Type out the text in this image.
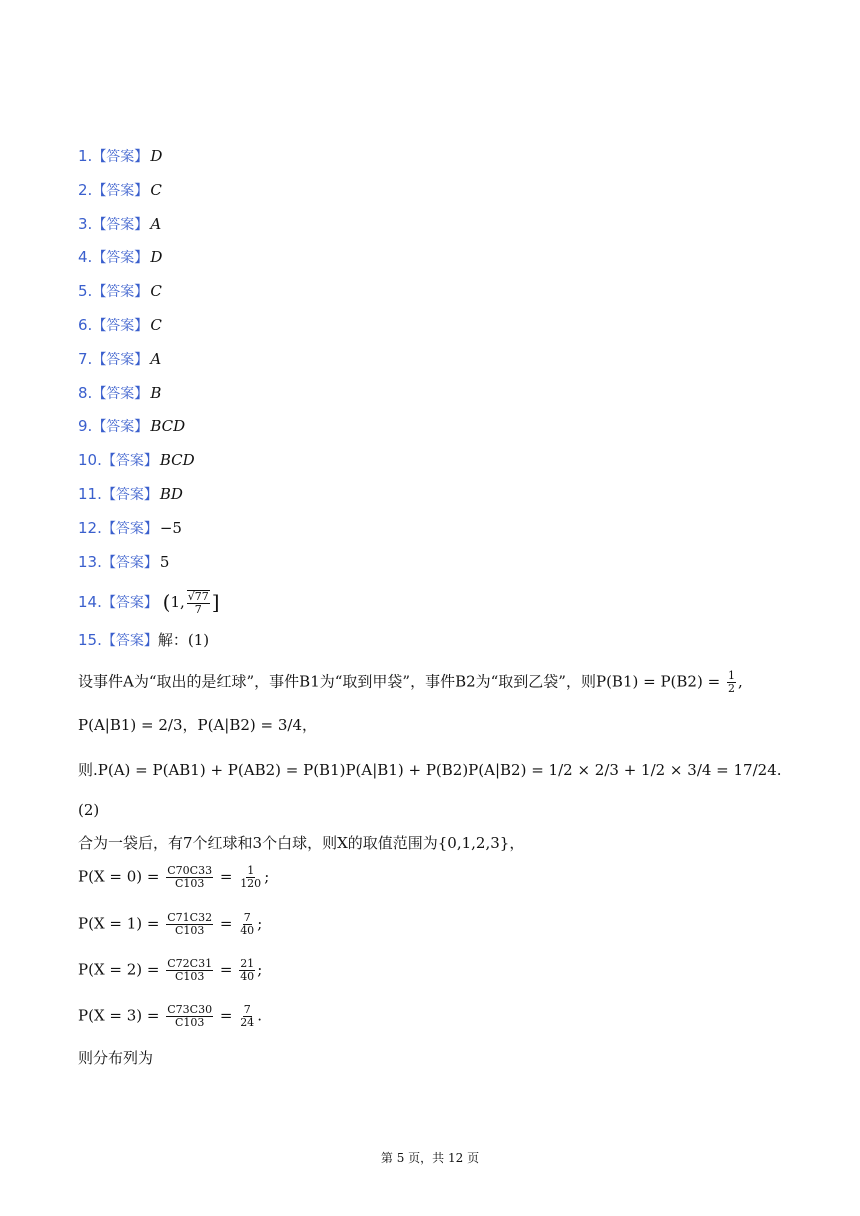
1.【答案】 D
2.【答案】 C
3.【答案】 A
4.【答案】 D
5.【答案】 C
6.【答案】 C
7.【答案】 A
8.【答案】 B
9.【答案】 BCD
10.【答案】 BCD
11.【答案】 BD
12.【答案】 −5
13.【答案】 5
14.【答案】 (1, $\frac{√77}{7}$ ]
15.【答案】解：(1)
设事件A为“取出的是红球”，事件B1为“取到甲袋”，事件B2为“取到乙袋”，则$P(B1) = P(B2) = \frac{1}{2}$ ,
P(A|B1) = 2/3，P(A|B2) = 3/4，
则.P(A) = P(AB1) + P(AB2) = P(B1)P(A|B1) + P(B2)P(A|B2) = 1/2 × 2/3 + 1/2 × 3/4 = 17/24.
(2)
合为一袋后，有7个红球和3个白球，则X的取值范围为{0,1,2,3}，
$P(X = 0) = \frac{C70C33}{C103} = \frac{1}{120}$ ;
$P(X = 1) = \frac{C71C32}{C103} = \frac{7}{40}$ ;
$P(X = 2) = \frac{C72C31}{C103} = \frac{21}{40}$ ;
$P(X = 3) = \frac{C73C30}{C103} = \frac{7}{24}$ .
则分布列为
第 5 页，共 12 页
